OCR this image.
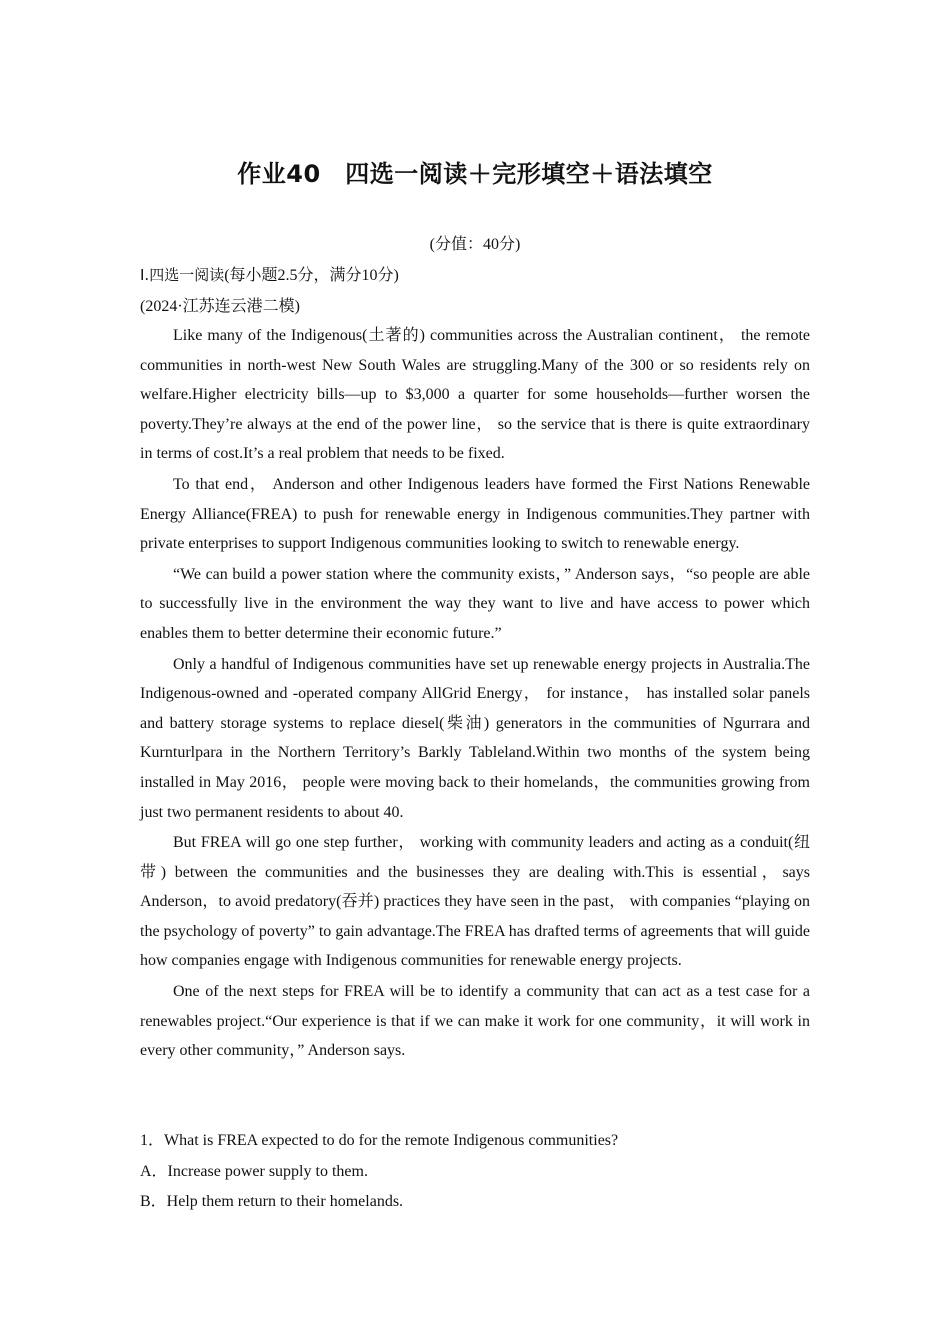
作业40　四选一阅读＋完形填空＋语法填空
(分值：40分)
Ⅰ.四选一阅读(每小题2.5分，满分10分)
(2024·江苏连云港二模)

Like many of the Indigenous(土著的) communities across the Australian continent， the remote communities in north-west New South Wales are struggling.Many of the 300 or so residents rely on welfare.Higher electricity bills—up to $3,000 a quarter for some households—further worsen the poverty.They’re always at the end of the power line， so the service that is there is quite extraordinary in terms of cost.It’s a real problem that needs to be fixed.

To that end， Anderson and other Indigenous leaders have formed the First Nations Renewable Energy Alliance(FREA) to push for renewable energy in Indigenous communities.They partner with private enterprises to support Indigenous communities looking to switch to renewable energy.

“We can build a power station where the community exists，” Anderson says，“so people are able to successfully live in the environment the way they want to live and have access to power which enables them to better determine their economic future.”

Only a handful of Indigenous communities have set up renewable energy projects in Australia.The Indigenous-owned and -operated company AllGrid Energy， for instance， has installed solar panels and battery storage systems to replace diesel(柴油) generators in the communities of Ngurrara and Kurnturlpara in the Northern Territory’s Barkly Tableland.Within two months of the system being installed in May 2016， people were moving back to their homelands，the communities growing from just two permanent residents to about 40.

But FREA will go one step further， working with community leaders and acting as a conduit(纽带) between the communities and the businesses they are dealing with.This is essential，says Anderson，to avoid predatory(吞并) practices they have seen in the past， with companies “playing on the psychology of poverty” to gain advantage.The FREA has drafted terms of agreements that will guide how companies engage with Indigenous communities for renewable energy projects.

One of the next steps for FREA will be to identify a community that can act as a test case for a renewables project.“Our experience is that if we can make it work for one community，it will work in every other community，” Anderson says.

1．What is FREA expected to do for the remote Indigenous communities?
A．Increase power supply to them.
B．Help them return to their homelands.
